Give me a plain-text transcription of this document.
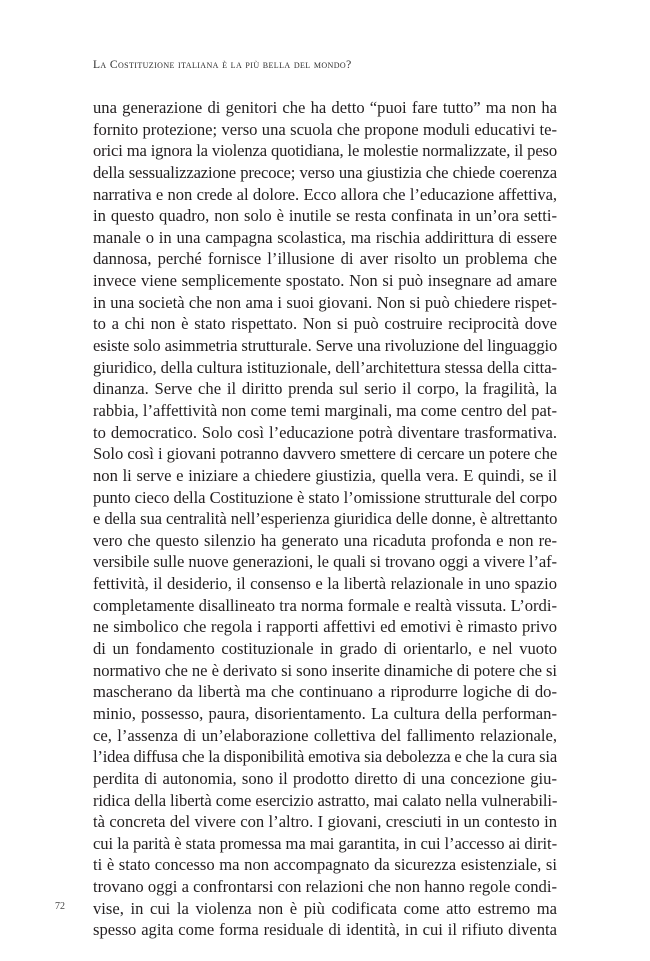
La Costituzione italiana è la più bella del mondo?
una generazione di genitori che ha detto “puoi fare tutto” ma non ha
fornito protezione; verso una scuola che propone moduli educativi te-
orici ma ignora la violenza quotidiana, le molestie normalizzate, il peso
della sessualizzazione precoce; verso una giustizia che chiede coerenza
narrativa e non crede al dolore. Ecco allora che l’educazione affettiva,
in questo quadro, non solo è inutile se resta confinata in un’ora setti-
manale o in una campagna scolastica, ma rischia addirittura di essere
dannosa, perché fornisce l’illusione di aver risolto un problema che
invece viene semplicemente spostato. Non si può insegnare ad amare
in una società che non ama i suoi giovani. Non si può chiedere rispet-
to a chi non è stato rispettato. Non si può costruire reciprocità dove
esiste solo asimmetria strutturale. Serve una rivoluzione del linguaggio
giuridico, della cultura istituzionale, dell’architettura stessa della citta-
dinanza. Serve che il diritto prenda sul serio il corpo, la fragilità, la
rabbia, l’affettività non come temi marginali, ma come centro del pat-
to democratico. Solo così l’educazione potrà diventare trasformativa.
Solo così i giovani potranno davvero smettere di cercare un potere che
non li serve e iniziare a chiedere giustizia, quella vera. E quindi, se il
punto cieco della Costituzione è stato l’omissione strutturale del corpo
e della sua centralità nell’esperienza giuridica delle donne, è altrettanto
vero che questo silenzio ha generato una ricaduta profonda e non re-
versibile sulle nuove generazioni, le quali si trovano oggi a vivere l’af-
fettività, il desiderio, il consenso e la libertà relazionale in uno spazio
completamente disallineato tra norma formale e realtà vissuta. L’ordi-
ne simbolico che regola i rapporti affettivi ed emotivi è rimasto privo
di un fondamento costituzionale in grado di orientarlo, e nel vuoto
normativo che ne è derivato si sono inserite dinamiche di potere che si
mascherano da libertà ma che continuano a riprodurre logiche di do-
minio, possesso, paura, disorientamento. La cultura della performan-
ce, l’assenza di un’elaborazione collettiva del fallimento relazionale,
l’idea diffusa che la disponibilità emotiva sia debolezza e che la cura sia
perdita di autonomia, sono il prodotto diretto di una concezione giu-
ridica della libertà come esercizio astratto, mai calato nella vulnerabili-
tà concreta del vivere con l’altro. I giovani, cresciuti in un contesto in
cui la parità è stata promessa ma mai garantita, in cui l’accesso ai dirit-
ti è stato concesso ma non accompagnato da sicurezza esistenziale, si
trovano oggi a confrontarsi con relazioni che non hanno regole condi-
vise, in cui la violenza non è più codificata come atto estremo ma
spesso agita come forma residuale di identità, in cui il rifiuto diventa
72
